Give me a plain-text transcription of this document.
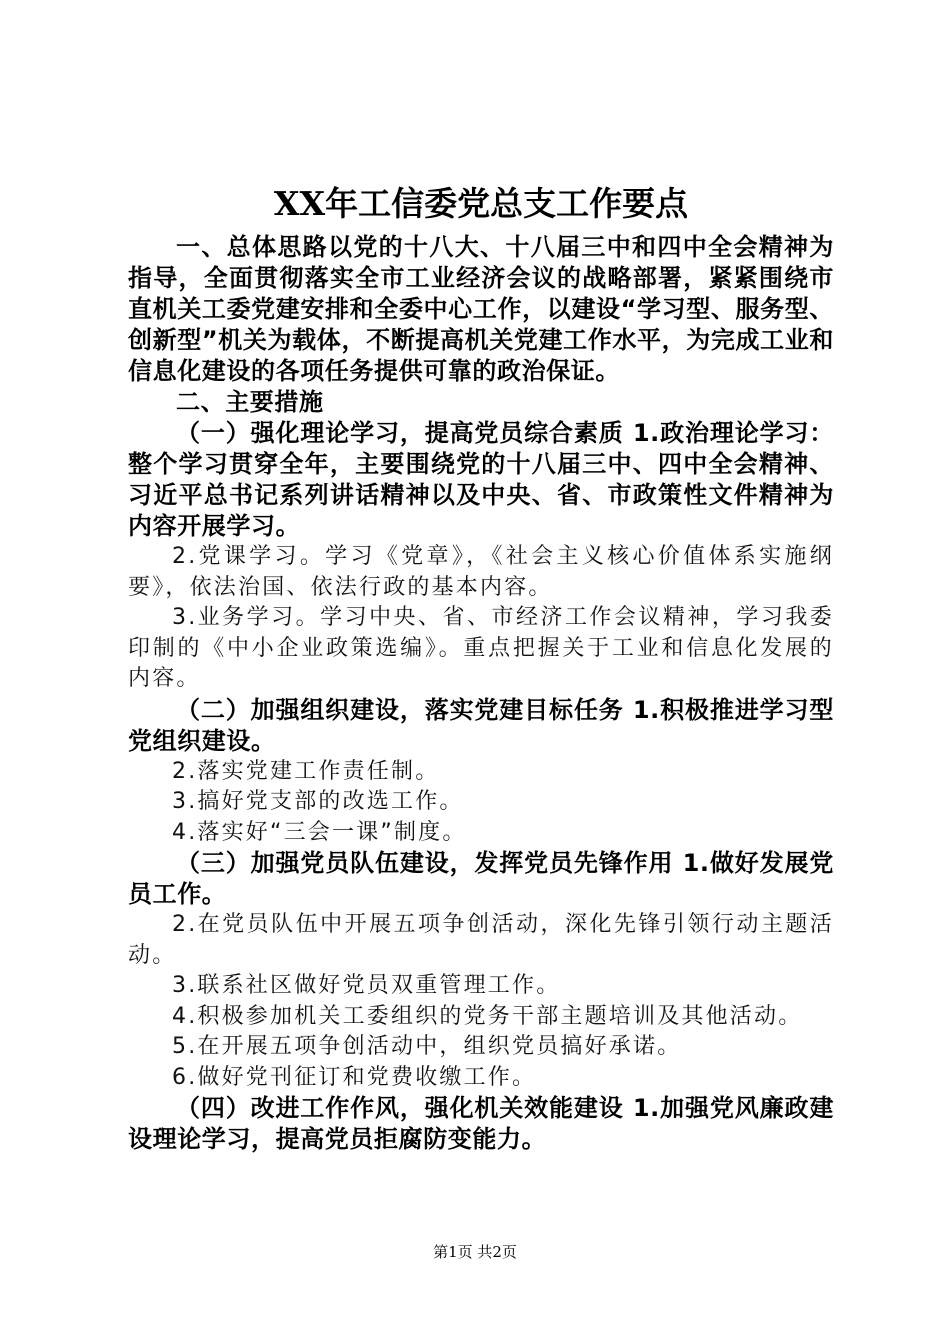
XX年工信委党总支工作要点

一、总体思路以党的十八大、十八届三中和四中全会精神为指导，全面贯彻落实全市工业经济会议的战略部署，紧紧围绕市直机关工委党建安排和全委中心工作，以建设“学习型、服务型、创新型”机关为载体，不断提高机关党建工作水平，为完成工业和信息化建设的各项任务提供可靠的政治保证。

二、主要措施

（一）强化理论学习，提高党员综合素质 1.政治理论学习：整个学习贯穿全年，主要围绕党的十八届三中、四中全会精神、习近平总书记系列讲话精神以及中央、省、市政策性文件精神为内容开展学习。

2.党课学习。学习《党章》，《社会主义核心价值体系实施纲要》，依法治国、依法行政的基本内容。

3.业务学习。学习中央、省、市经济工作会议精神，学习我委印制的《中小企业政策选编》。重点把握关于工业和信息化发展的内容。

（二）加强组织建设，落实党建目标任务 1.积极推进学习型党组织建设。

2.落实党建工作责任制。

3.搞好党支部的改选工作。

4.落实好“三会一课”制度。

（三）加强党员队伍建设，发挥党员先锋作用 1.做好发展党员工作。

2.在党员队伍中开展五项争创活动，深化先锋引领行动主题活动。

3.联系社区做好党员双重管理工作。

4.积极参加机关工委组织的党务干部主题培训及其他活动。

5.在开展五项争创活动中，组织党员搞好承诺。

6.做好党刊征订和党费收缴工作。

（四）改进工作作风，强化机关效能建设 1.加强党风廉政建设理论学习，提高党员拒腐防变能力。

第1页 共2页
